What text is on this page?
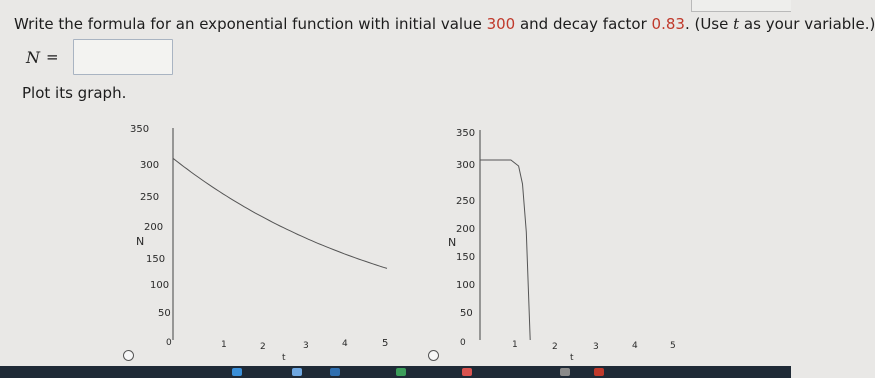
Write the formula for an exponential function with initial value 300 and decay factor 0.83. (Use t as your variable.)
N =
Plot its graph.
350
300
250
200
N
150
100
50
0	1	2	3	4	5
t
350
300
250
200
N
150
100
50
0	1	2	3	4	5
t
